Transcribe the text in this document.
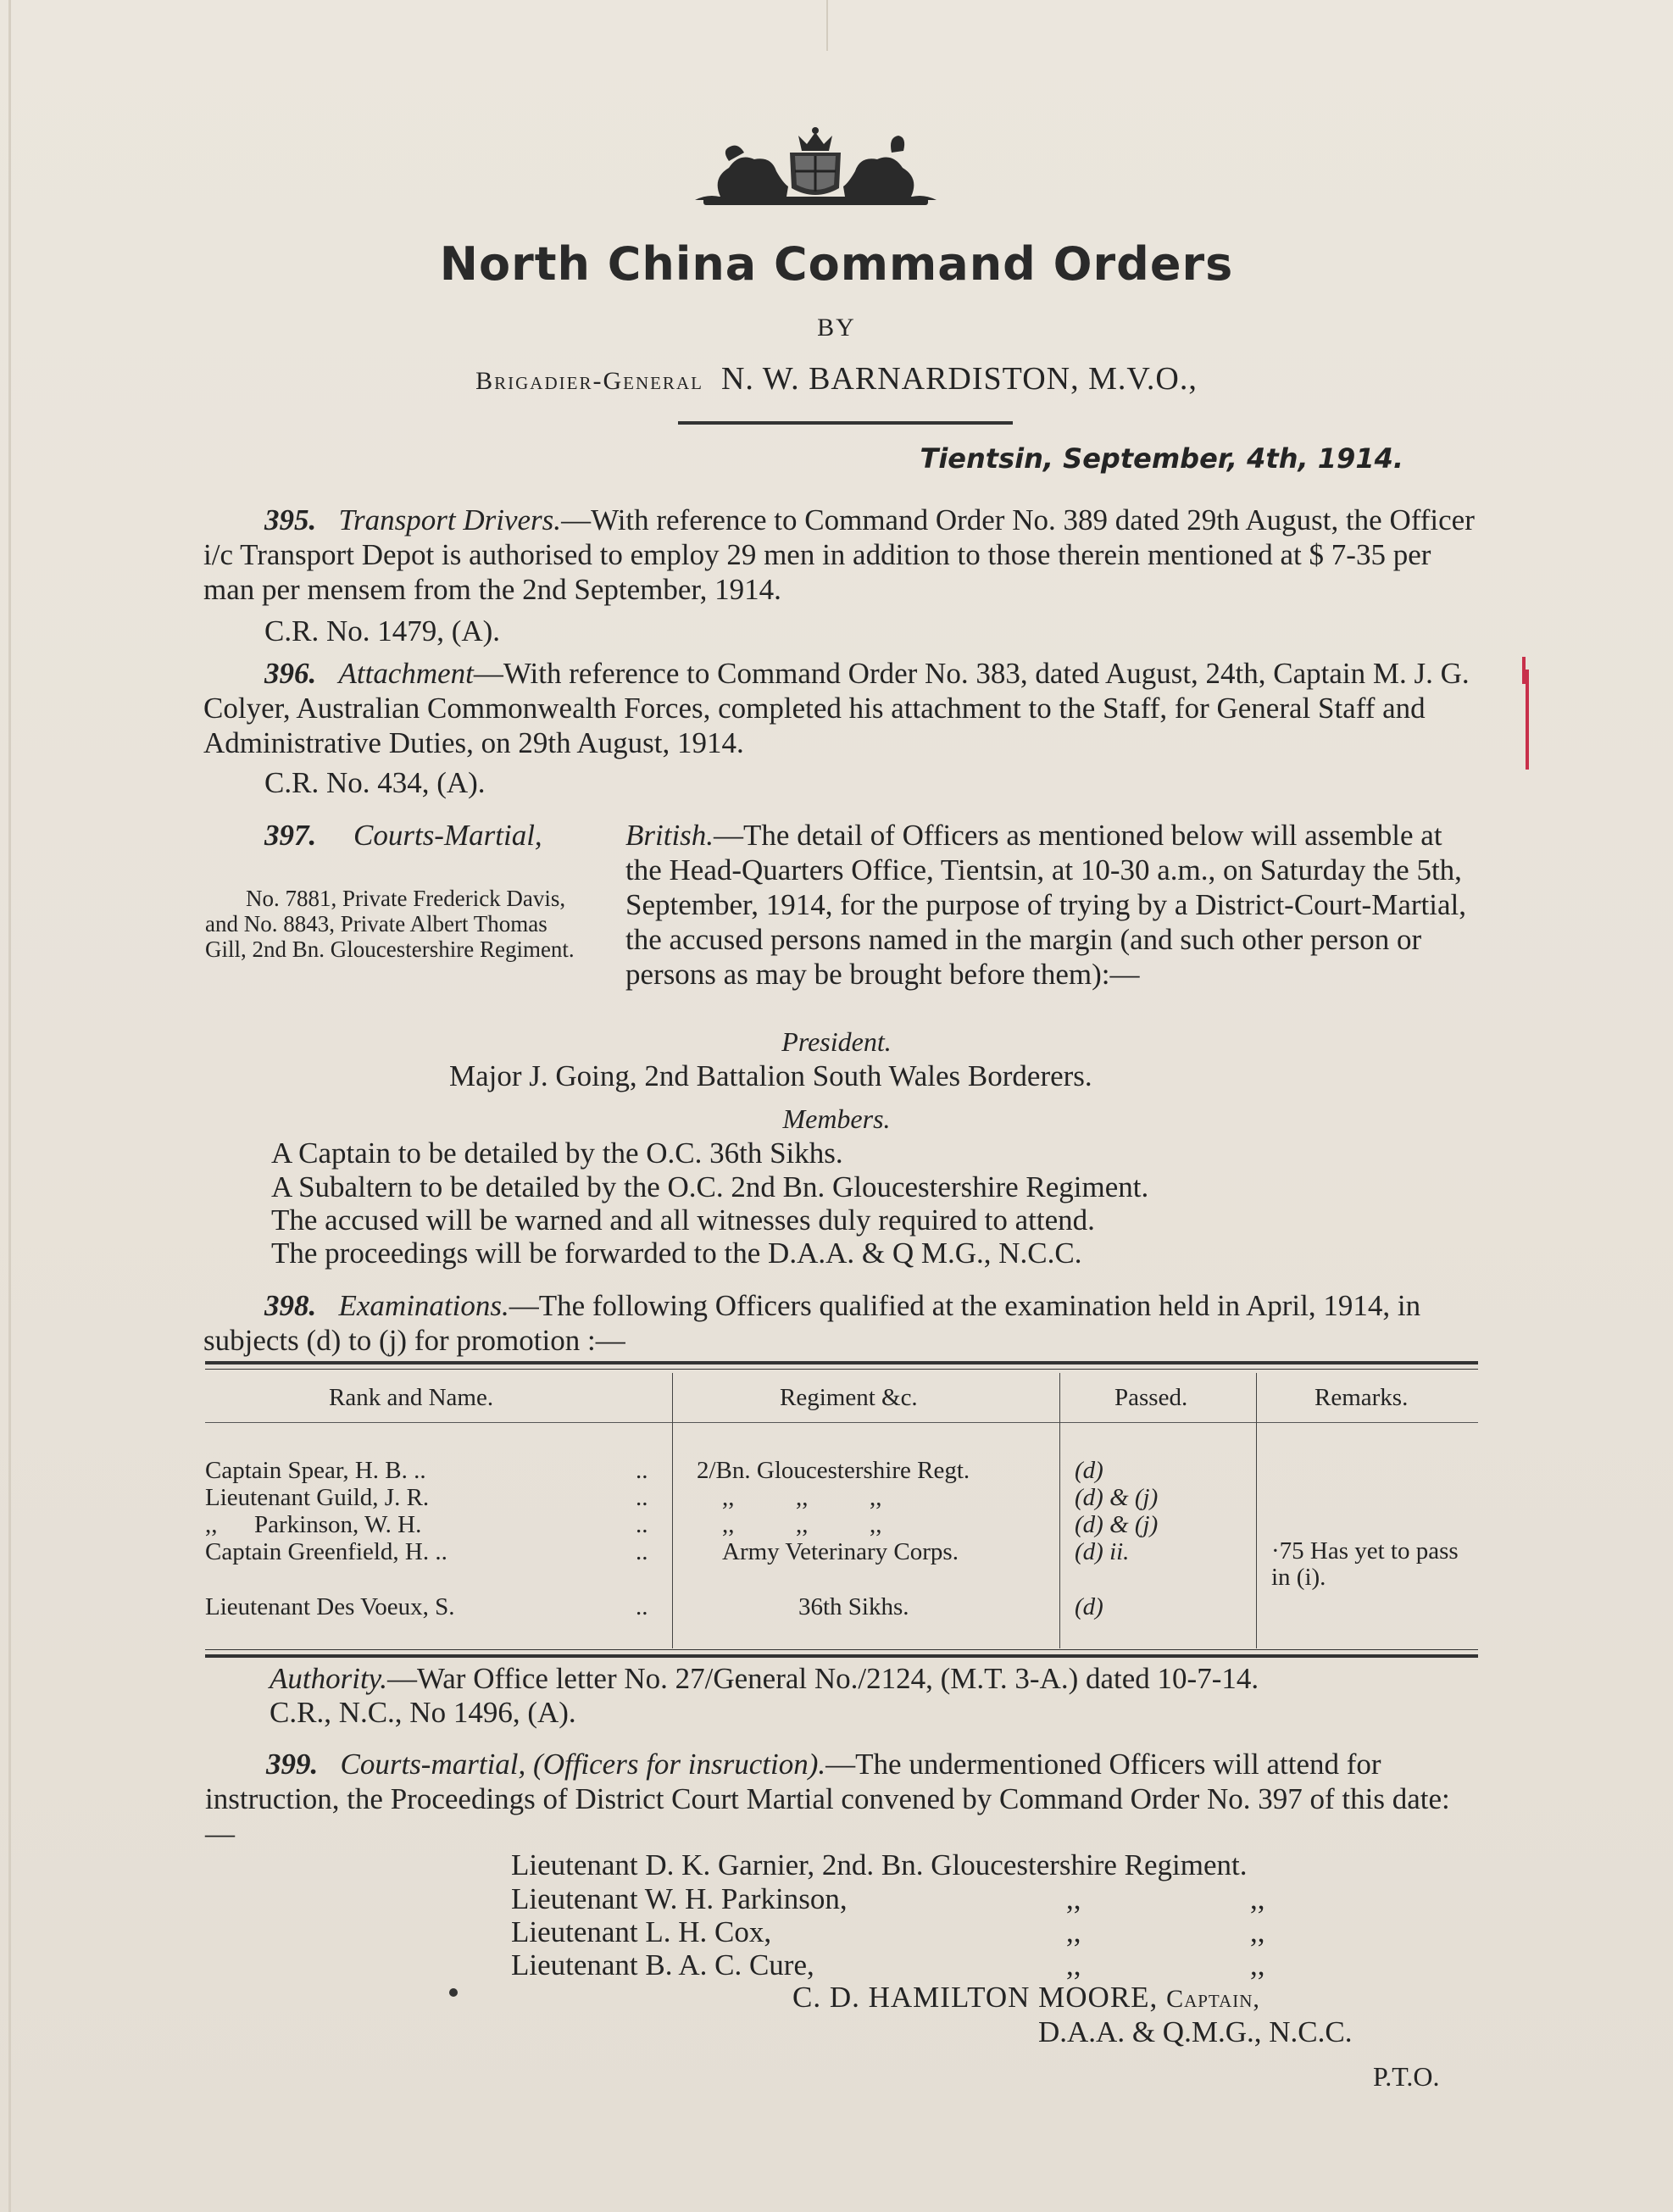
North China Command Orders
BY
Brigadier-General N. W. BARNARDISTON, M.V.O.,
Tientsin, September, 4th, 1914.
395. Transport Drivers.—With reference to Command Order No. 389 dated 29th August, the Officer i/c Transport Depot is authorised to employ 29 men in addition to those therein mentioned at $ 7-35 per man per mensem from the 2nd September, 1914.
C.R. No. 1479, (A).
396. Attachment—With reference to Command Order No. 383, dated August, 24th, Captain M. J. G. Colyer, Australian Commonwealth Forces, completed his attachment to the Staff, for General Staff and Administrative Duties, on 29th August, 1914.
C.R. No. 434, (A).
397. Courts-Martial,	British.—The detail of Officers as mentioned below will assemble at the Head-Quarters Office, Tientsin, at 10-30 a.m., on Saturday the 5th, September, 1914, for the purpose of trying by a District-Court-Martial, the accused persons named in the margin (and such other person or persons as may be brought before them):—
No. 7881, Private Frederick Davis, and No. 8843, Private Albert Thomas Gill, 2nd Bn. Gloucestershire Regiment.
President.
Major J. Going, 2nd Battalion South Wales Borderers.
Members.
A Captain to be detailed by the O.C. 36th Sikhs.
A Subaltern to be detailed by the O.C. 2nd Bn. Gloucestershire Regiment.
The accused will be warned and all witnesses duly required to attend.
The proceedings will be forwarded to the D.A.A. & Q M.G., N.C.C.
398. Examinations.—The following Officers qualified at the examination held in April, 1914, in subjects (d) to (j) for promotion :—
Rank and Name.	Regiment &c.	Passed.	Remarks.
Captain Spear, H. B. ..	.. 2/Bn. Gloucestershire Regt.	(d)
Lieutenant Guild, J. R.	..	,,          ,,          ,,	(d) & (j)
,,      Parkinson, W. H.	..	,,          ,,          ,,	(d) & (j)
Captain Greenfield, H. ..	..	Army Veterinary Corps.	(d) ii.	·75 Has yet to pass in (i).
Lieutenant Des Voeux, S.	..	36th Sikhs.	(d)
Authority.—War Office letter No. 27/General No./2124, (M.T. 3-A.) dated 10-7-14.
C.R., N.C., No 1496, (A).
399. Courts-martial, (Officers for insruction).—The undermentioned Officers will attend for instruction, the Proceedings of District Court Martial convened by Command Order No. 397 of this date:—
Lieutenant D. K. Garnier, 2nd. Bn. Gloucestershire Regiment.
Lieutenant W. H. Parkinson,	,,	,,
Lieutenant L. H. Cox,	,,	,,
Lieutenant B. A. C. Cure,	,,	,,
C. D. HAMILTON MOORE, Captain,
D.A.A. & Q.M.G., N.C.C.
P.T.O.
